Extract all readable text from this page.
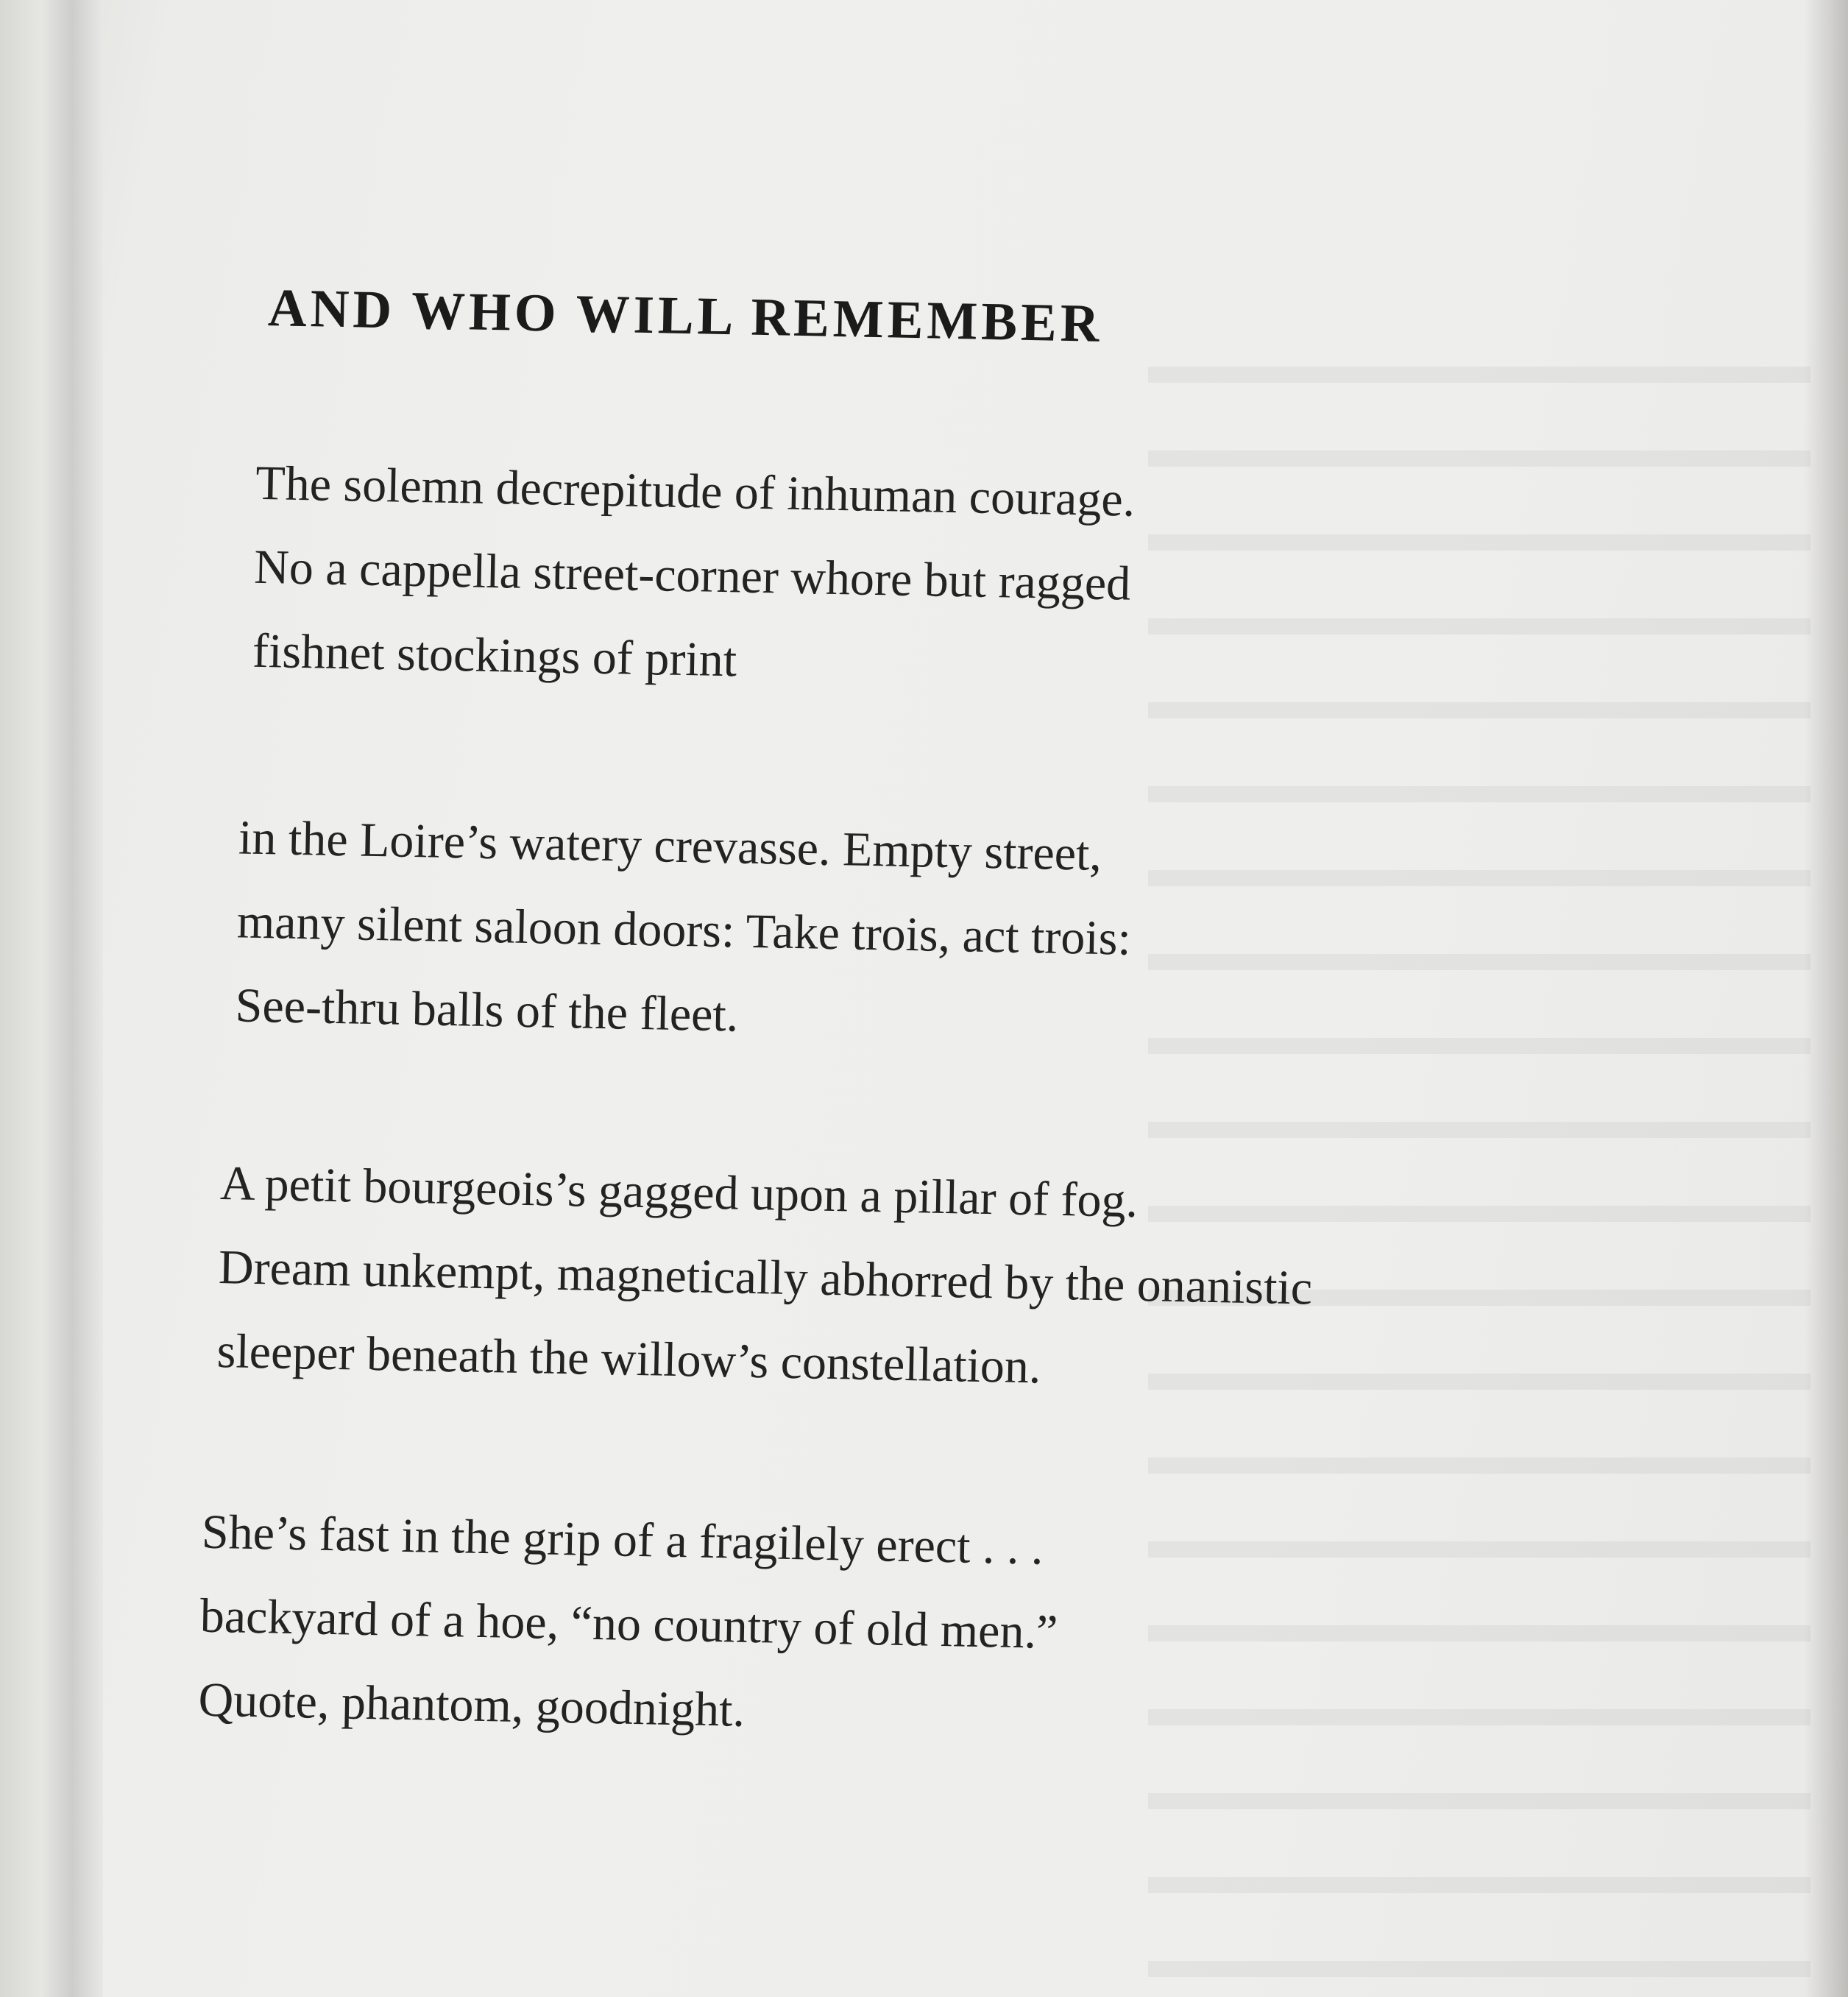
AND WHO WILL REMEMBER

The solemn decrepitude of inhuman courage.
No a cappella street-corner whore but ragged
fishnet stockings of print

in the Loire’s watery crevasse. Empty street,
many silent saloon doors: Take trois, act trois:
See-thru balls of the fleet.

A petit bourgeois’s gagged upon a pillar of fog.
Dream unkempt, magnetically abhorred by the onanistic
sleeper beneath the willow’s constellation.

She’s fast in the grip of a fragilely erect . . .
backyard of a hoe, “no country of old men.”
Quote, phantom, goodnight.
